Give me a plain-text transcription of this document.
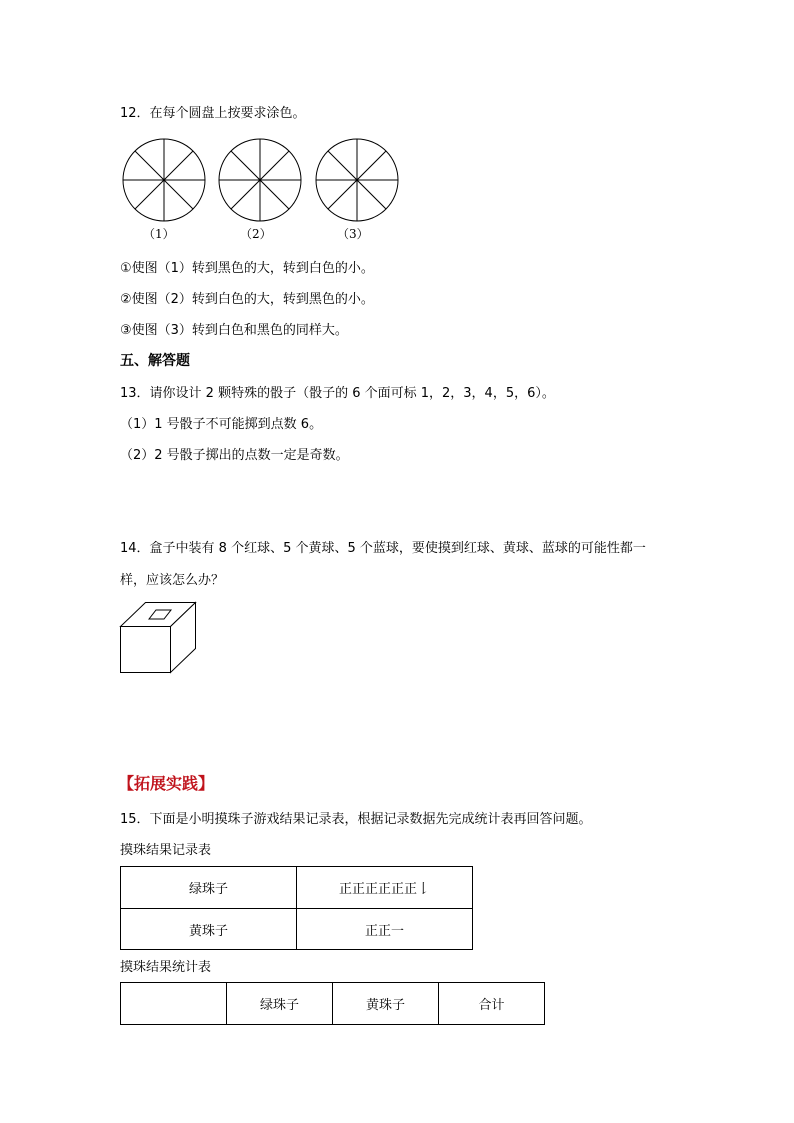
12．在每个圆盘上按要求涂色。
（1）	（2）	（3）
①使图（1）转到黑色的大，转到白色的小。
②使图（2）转到白色的大，转到黑色的小。
③使图（3）转到白色和黑色的同样大。
五、解答题
13．请你设计 2 颗特殊的骰子（骰子的 6 个面可标 1，2，3，4，5，6）。
（1）1 号骰子不可能掷到点数 6。
（2）2 号骰子掷出的点数一定是奇数。
14．盒子中装有 8 个红球、5 个黄球、5 个蓝球，要使摸到红球、黄球、蓝球的可能性都一
样，应该怎么办？
【拓展实践】
15．下面是小明摸珠子游戏结果记录表，根据记录数据先完成统计表再回答问题。
摸珠结果记录表
绿珠子	正正正正正正𠄌
黄珠子	正正一
摸珠结果统计表
	绿珠子	黄珠子	合计
